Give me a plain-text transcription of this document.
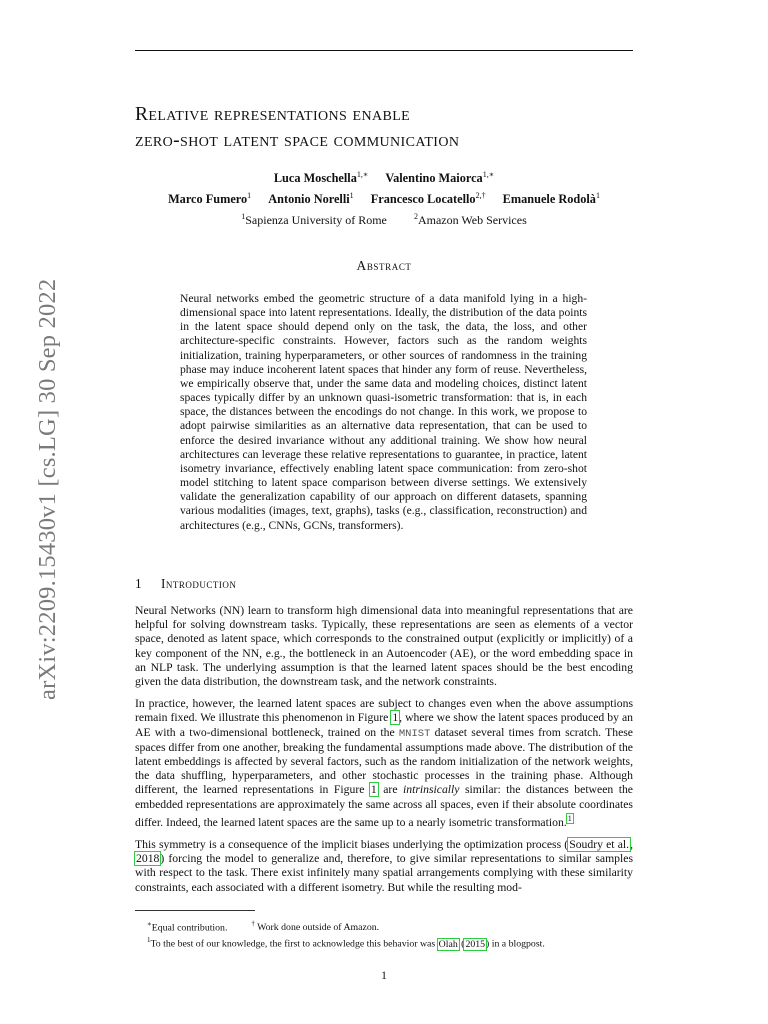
arXiv:2209.15430v1 [cs.LG] 30 Sep 2022
Relative representations enable
zero-shot latent space communication
Luca Moschella$^{1,∗}$ Valentino Maiorca$^{1,∗}$
Marco Fumero$^1$ Antonio Norelli$^1$ Francesco Locatello$^{2,\dagger}$ Emanuele Rodolà$^1$
$^1$Sapienza University of Rome	$^2$Amazon Web Services
Abstract
Neural networks embed the geometric structure of a data manifold lying in a high-dimensional space into latent representations. Ideally, the distribution of the data points in the latent space should depend only on the task, the data, the loss, and other architecture-specific constraints. However, factors such as the random weights initialization, training hyperparameters, or other sources of randomness in the training phase may induce incoherent latent spaces that hinder any form of reuse. Nevertheless, we empirically observe that, under the same data and modeling choices, distinct latent spaces typically differ by an unknown quasi-isometric transformation: that is, in each space, the distances between the encodings do not change. In this work, we propose to adopt pairwise similarities as an alternative data representation, that can be used to enforce the desired invariance without any additional training. We show how neural architectures can leverage these relative representations to guarantee, in practice, latent isometry invariance, effectively enabling latent space communication: from zero-shot model stitching to latent space comparison between diverse settings. We extensively validate the generalization capability of our approach on different datasets, spanning various modalities (images, text, graphs), tasks (e.g., classification, reconstruction) and architectures (e.g., CNNs, GCNs, transformers).
1 Introduction

Neural Networks (NN) learn to transform high dimensional data into meaningful representations that are helpful for solving downstream tasks. Typically, these representations are seen as elements of a vector space, denoted as latent space, which corresponds to the constrained output (explicitly or implicitly) of a key component of the NN, e.g., the bottleneck in an Autoencoder (AE), or the word embedding space in an NLP task. The underlying assumption is that the learned latent spaces should be the best encoding given the data distribution, the downstream task, and the network constraints.

In practice, however, the learned latent spaces are subject to changes even when the above assumptions remain fixed. We illustrate this phenomenon in Figure 1, where we show the latent spaces produced by an AE with a two-dimensional bottleneck, trained on the MNIST dataset several times from scratch. These spaces differ from one another, breaking the fundamental assumptions made above. The distribution of the latent embeddings is affected by several factors, such as the random initialization of the network weights, the data shuffling, hyperparameters, and other stochastic processes in the training phase. Although different, the learned representations in Figure 1 are intrinsically similar: the distances between the embedded representations are approximately the same across all spaces, even if their absolute coordinates differ. Indeed, the learned latent spaces are the same up to a nearly isometric transformation.$^1$

This symmetry is a consequence of the implicit biases underlying the optimization process (Soudry et al., 2018) forcing the model to generalize and, therefore, to give similar representations to similar samples with respect to the task. There exist infinitely many spatial arrangements complying with these similarity constraints, each associated with a different isometry. But while the resulting mod-

∗Equal contribution.	† Work done outside of Amazon.
$^1$To the best of our knowledge, the first to acknowledge this behavior was Olah (2015) in a blogpost.
1
